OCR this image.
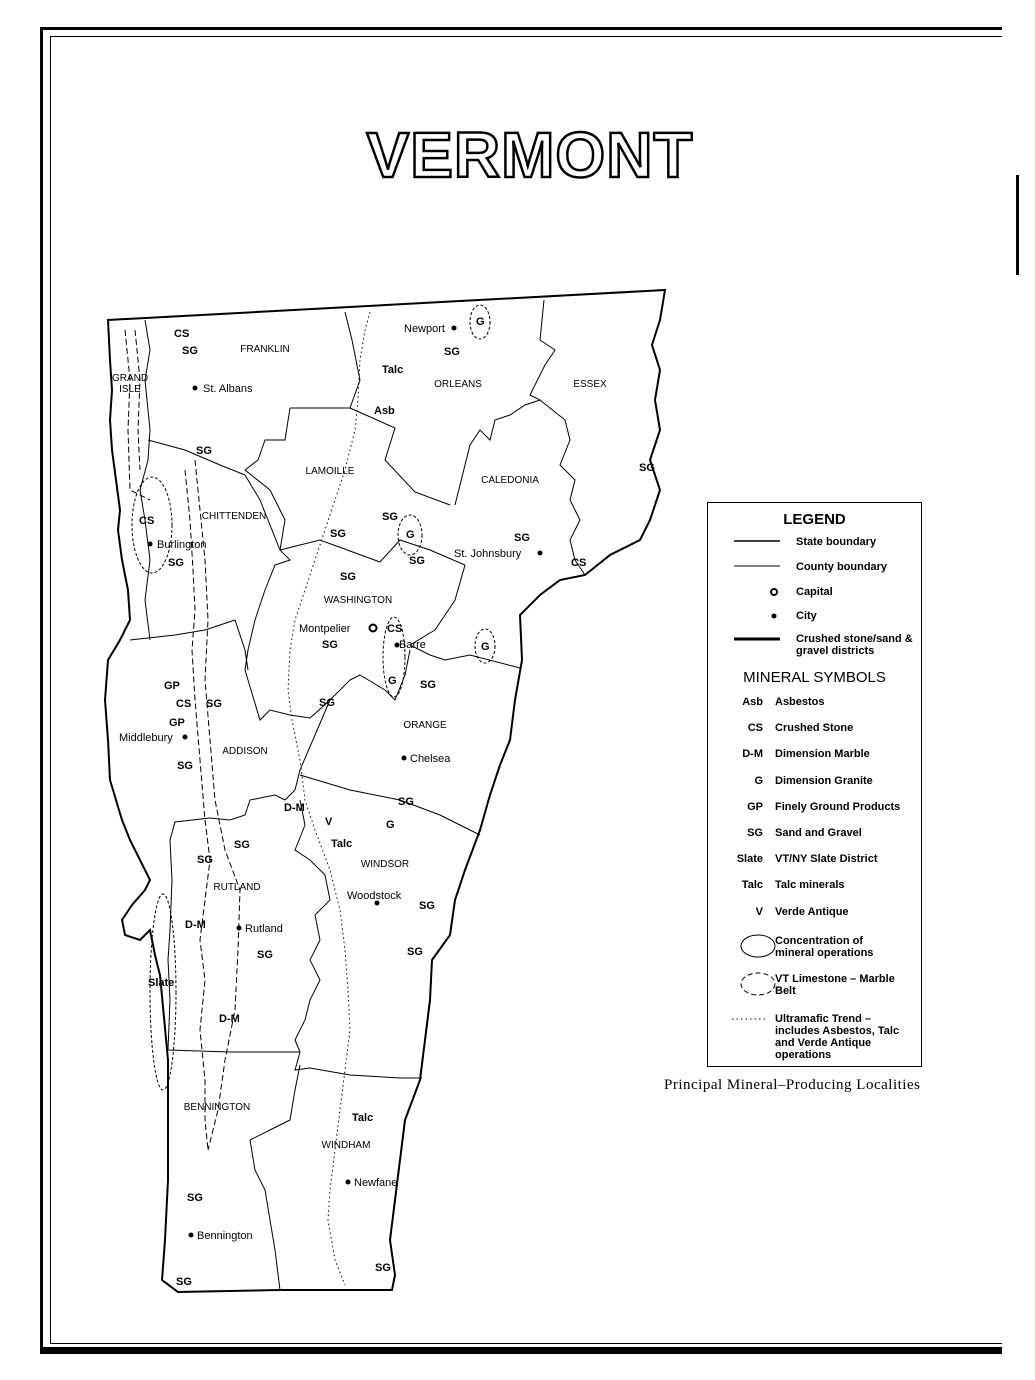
VERMONT
GRAND
ISLE
FRANKLIN
ORLEANS	ESSEX
LAMOILLE
CALEDONIA
CHITTENDEN
WASHINGTON
ORANGE
ADDISON
WINDSOR
RUTLAND
BENNINGTON
WINDHAM
Newport
St. Albans
Burlington
St. Johnsbury
Montpelier
Barre
Middlebury
Chelsea
Woodstock
Rutland
Newfane
Bennington
CS
SG
Talc
SG
G
Asb
SG
SG
CS
SG
SG
SG	G
SG
SG
CS
SG
CS
SG	G
GP
CS SG
GP
G SG
SG
SG
SG
D-M
V	G
Talc
SG
SG
SG
D-M
SG
SG
Slate
D-M
Talc
SG
SG
SG
LEGEND
State boundary
County boundary
Capital
City
Crushed stone/sand & gravel districts
MINERAL SYMBOLS
Asb Asbestos
CS Crushed Stone
D-M Dimension Marble
G Dimension Granite
GP Finely Ground Products
SG Sand and Gravel
Slate VT/NY Slate District
Talc Talc minerals
V Verde Antique
Concentration of mineral operations
VT Limestone – Marble Belt
Ultramafic Trend – includes Asbestos, Talc and Verde Antique operations
Principal Mineral–Producing Localities
